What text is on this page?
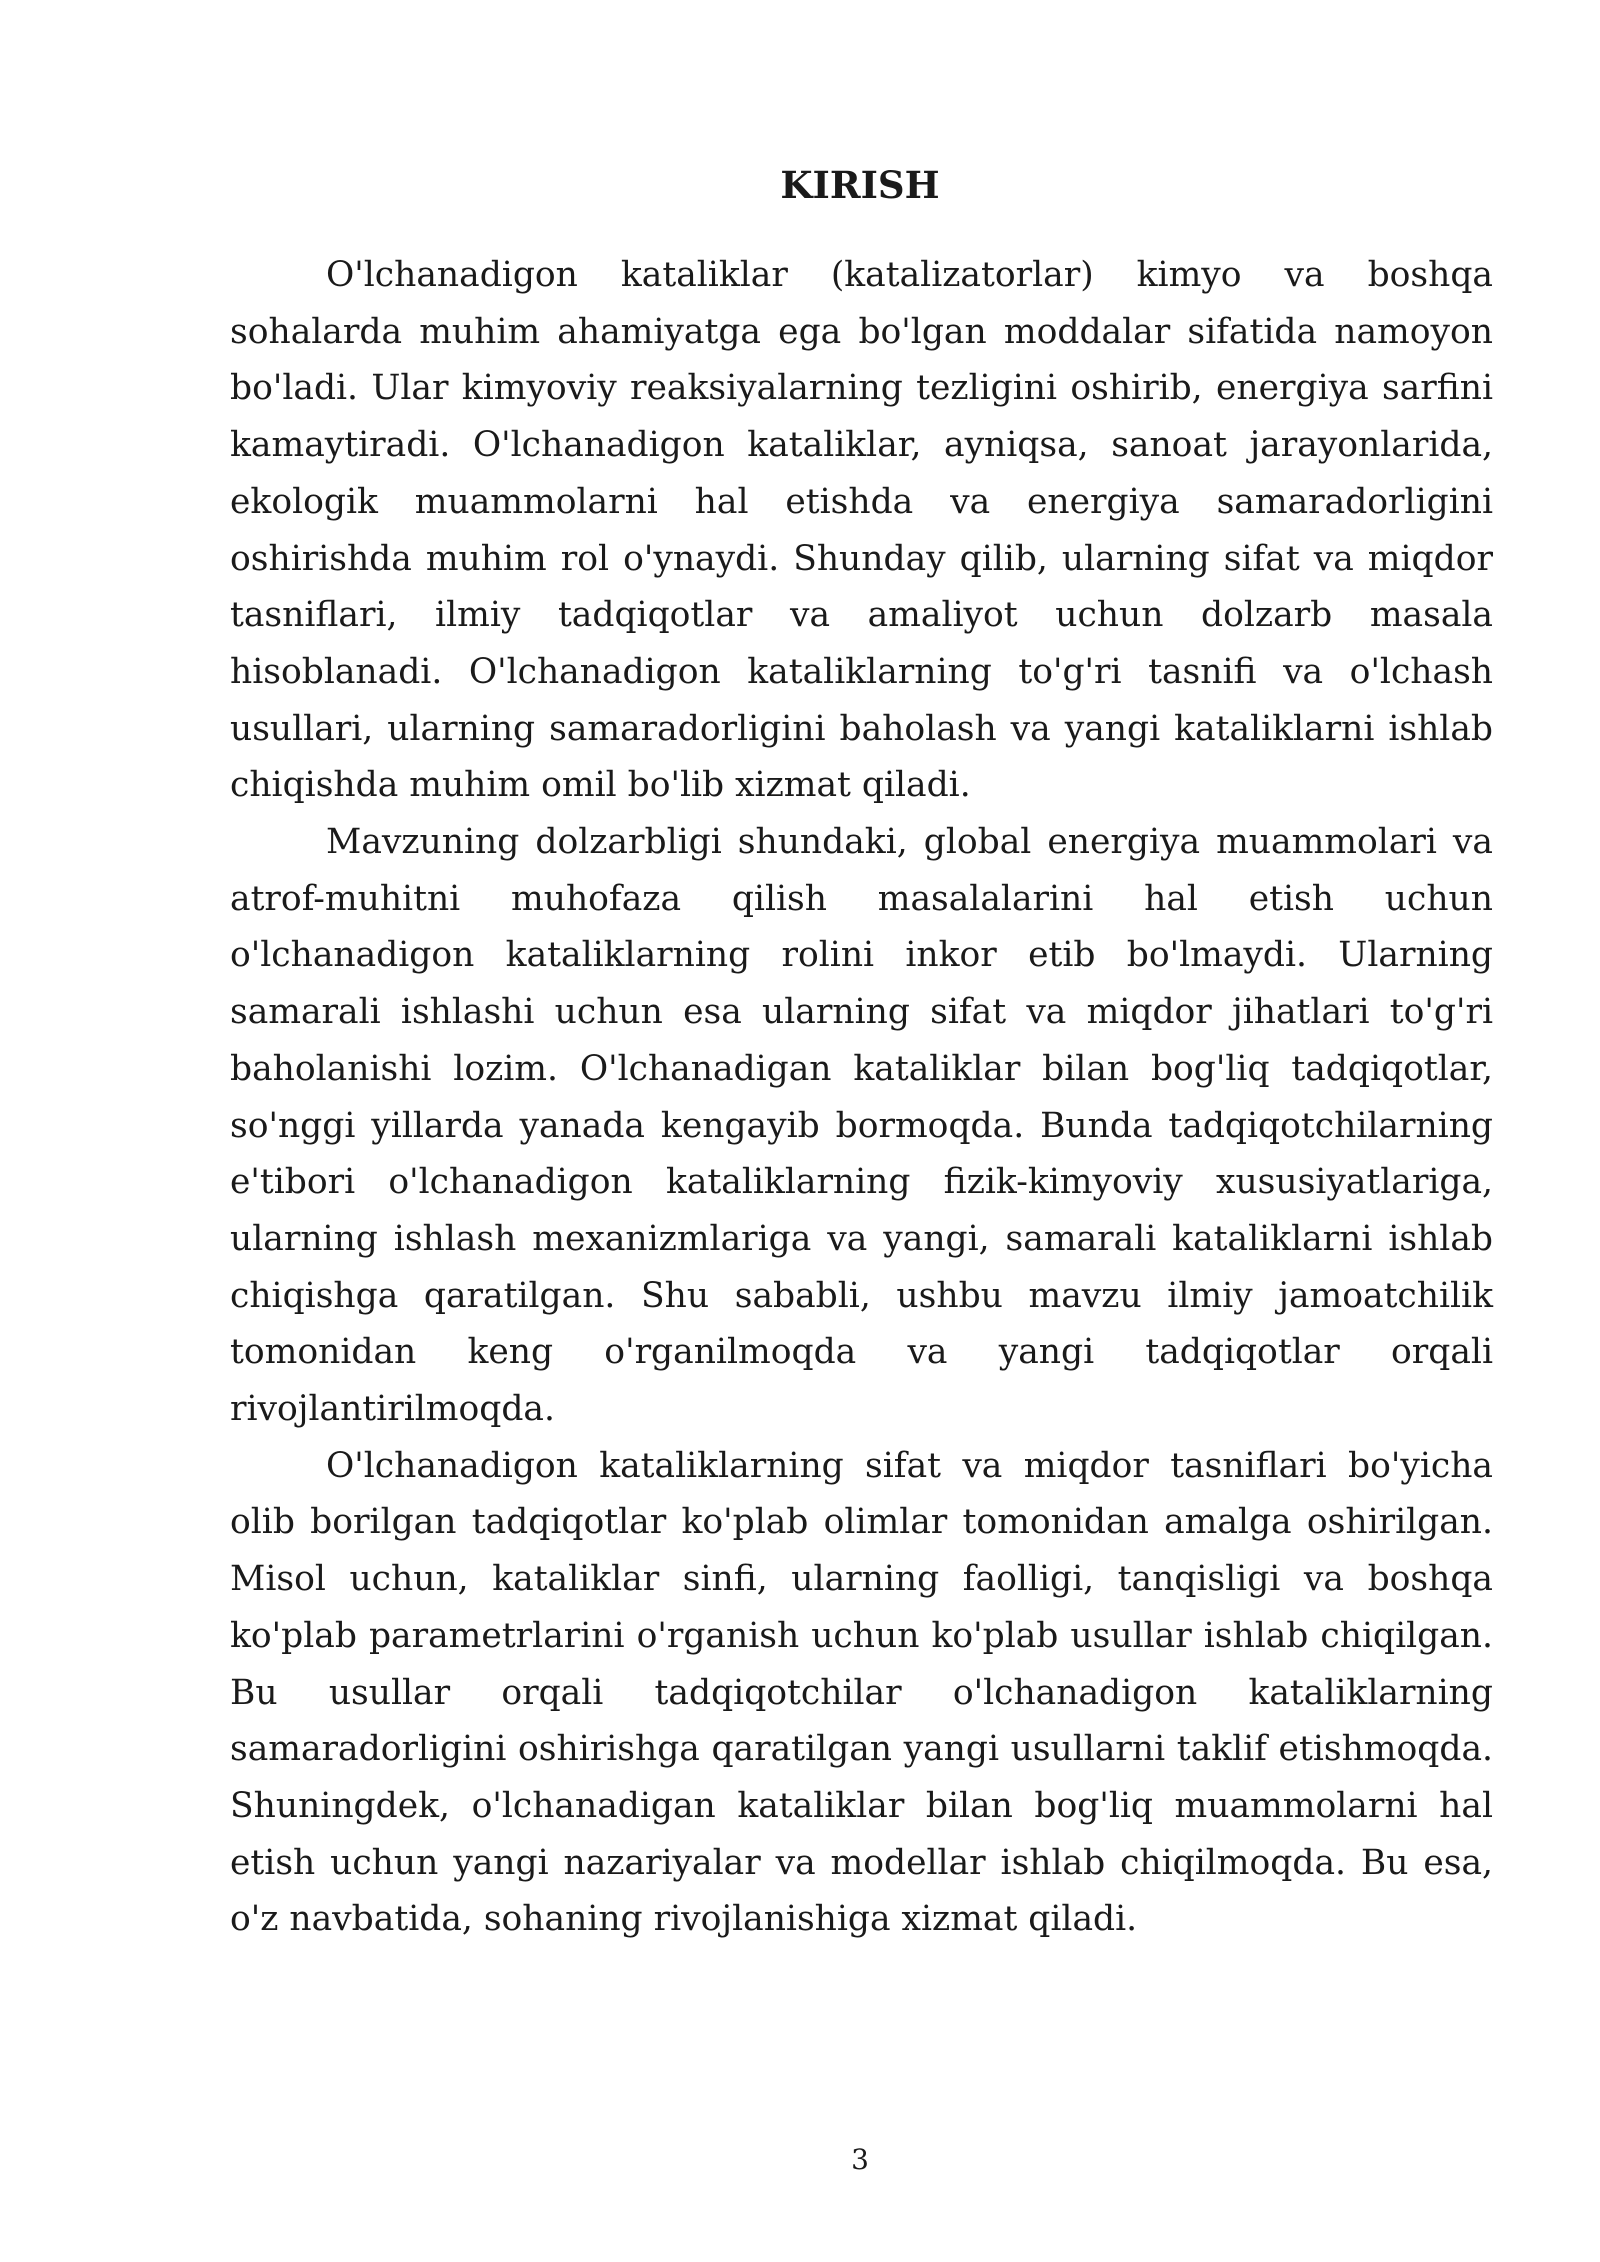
KIRISH

O'lchanadigon kataliklar (katalizatorlar) kimyo va boshqa sohalarda muhim ahamiyatga ega bo'lgan moddalar sifatida namoyon bo'ladi. Ular kimyoviy reaksiyalarning tezligini oshirib, energiya sarfini kamaytiradi. O'lchanadigon kataliklar, ayniqsa, sanoat jarayonlarida, ekologik muammolarni hal etishda va energiya samaradorligini oshirishda muhim rol o'ynaydi. Shunday qilib, ularning sifat va miqdor tasniflari, ilmiy tadqiqotlar va amaliyot uchun dolzarb masala hisoblanadi. O'lchanadigon kataliklarning to'g'ri tasnifi va o'lchash usullari, ularning samaradorligini baholash va yangi kataliklarni ishlab chiqishda muhim omil bo'lib xizmat qiladi.

Mavzuning dolzarbligi shundaki, global energiya muammolari va atrof-muhitni muhofaza qilish masalalarini hal etish uchun o'lchanadigon kataliklarning rolini inkor etib bo'lmaydi. Ularning samarali ishlashi uchun esa ularning sifat va miqdor jihatlari to'g'ri baholanishi lozim. O'lchanadigan kataliklar bilan bog'liq tadqiqotlar, so'nggi yillarda yanada kengayib bormoqda. Bunda tadqiqotchilarning e'tibori o'lchanadigon kataliklarning fizik-kimyoviy xususiyatlariga, ularning ishlash mexanizmlariga va yangi, samarali kataliklarni ishlab chiqishga qaratilgan. Shu sababli, ushbu mavzu ilmiy jamoatchilik tomonidan keng o'rganilmoqda va yangi tadqiqotlar orqali rivojlantirilmoqda.

O'lchanadigon kataliklarning sifat va miqdor tasniflari bo'yicha olib borilgan tadqiqotlar ko'plab olimlar tomonidan amalga oshirilgan. Misol uchun, kataliklar sinfi, ularning faolligi, tanqisligi va boshqa ko'plab parametrlarini o'rganish uchun ko'plab usullar ishlab chiqilgan. Bu usullar orqali tadqiqotchilar o'lchanadigon kataliklarning samaradorligini oshirishga qaratilgan yangi usullarni taklif etishmoqda. Shuningdek, o'lchanadigan kataliklar bilan bog'liq muammolarni hal etish uchun yangi nazariyalar va modellar ishlab chiqilmoqda. Bu esa, o'z navbatida, sohaning rivojlanishiga xizmat qiladi.

3
